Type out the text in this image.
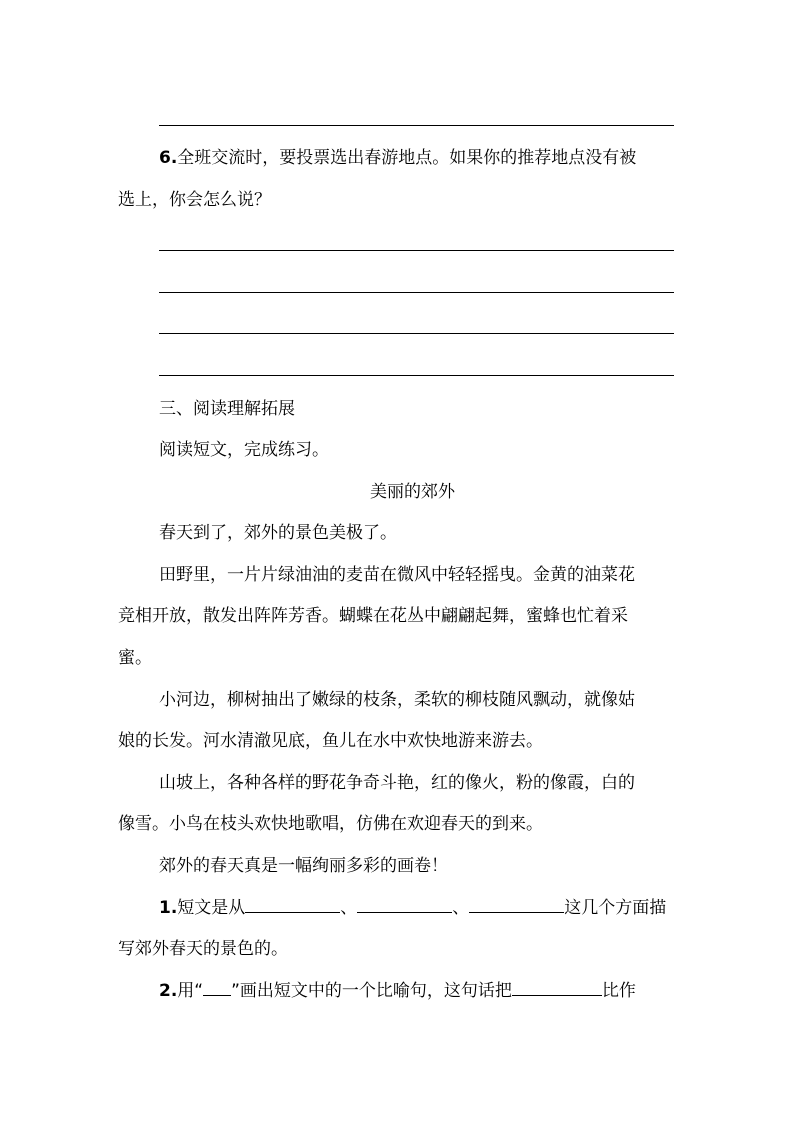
6.全班交流时，要投票选出春游地点。如果你的推荐地点没有被
选上，你会怎么说？
三、阅读理解拓展
阅读短文，完成练习。
美丽的郊外
春天到了，郊外的景色美极了。
田野里，一片片绿油油的麦苗在微风中轻轻摇曳。金黄的油菜花
竞相开放，散发出阵阵芳香。蝴蝶在花丛中翩翩起舞，蜜蜂也忙着采
蜜。
小河边，柳树抽出了嫩绿的枝条，柔软的柳枝随风飘动，就像姑
娘的长发。河水清澈见底，鱼儿在水中欢快地游来游去。
山坡上，各种各样的野花争奇斗艳，红的像火，粉的像霞，白的
像雪。小鸟在枝头欢快地歌唱，仿佛在欢迎春天的到来。
郊外的春天真是一幅绚丽多彩的画卷！
1.短文是从	、	、	这几个方面描
写郊外春天的景色的。
2.用“ ”画出短文中的一个比喻句，这句话把	比作
